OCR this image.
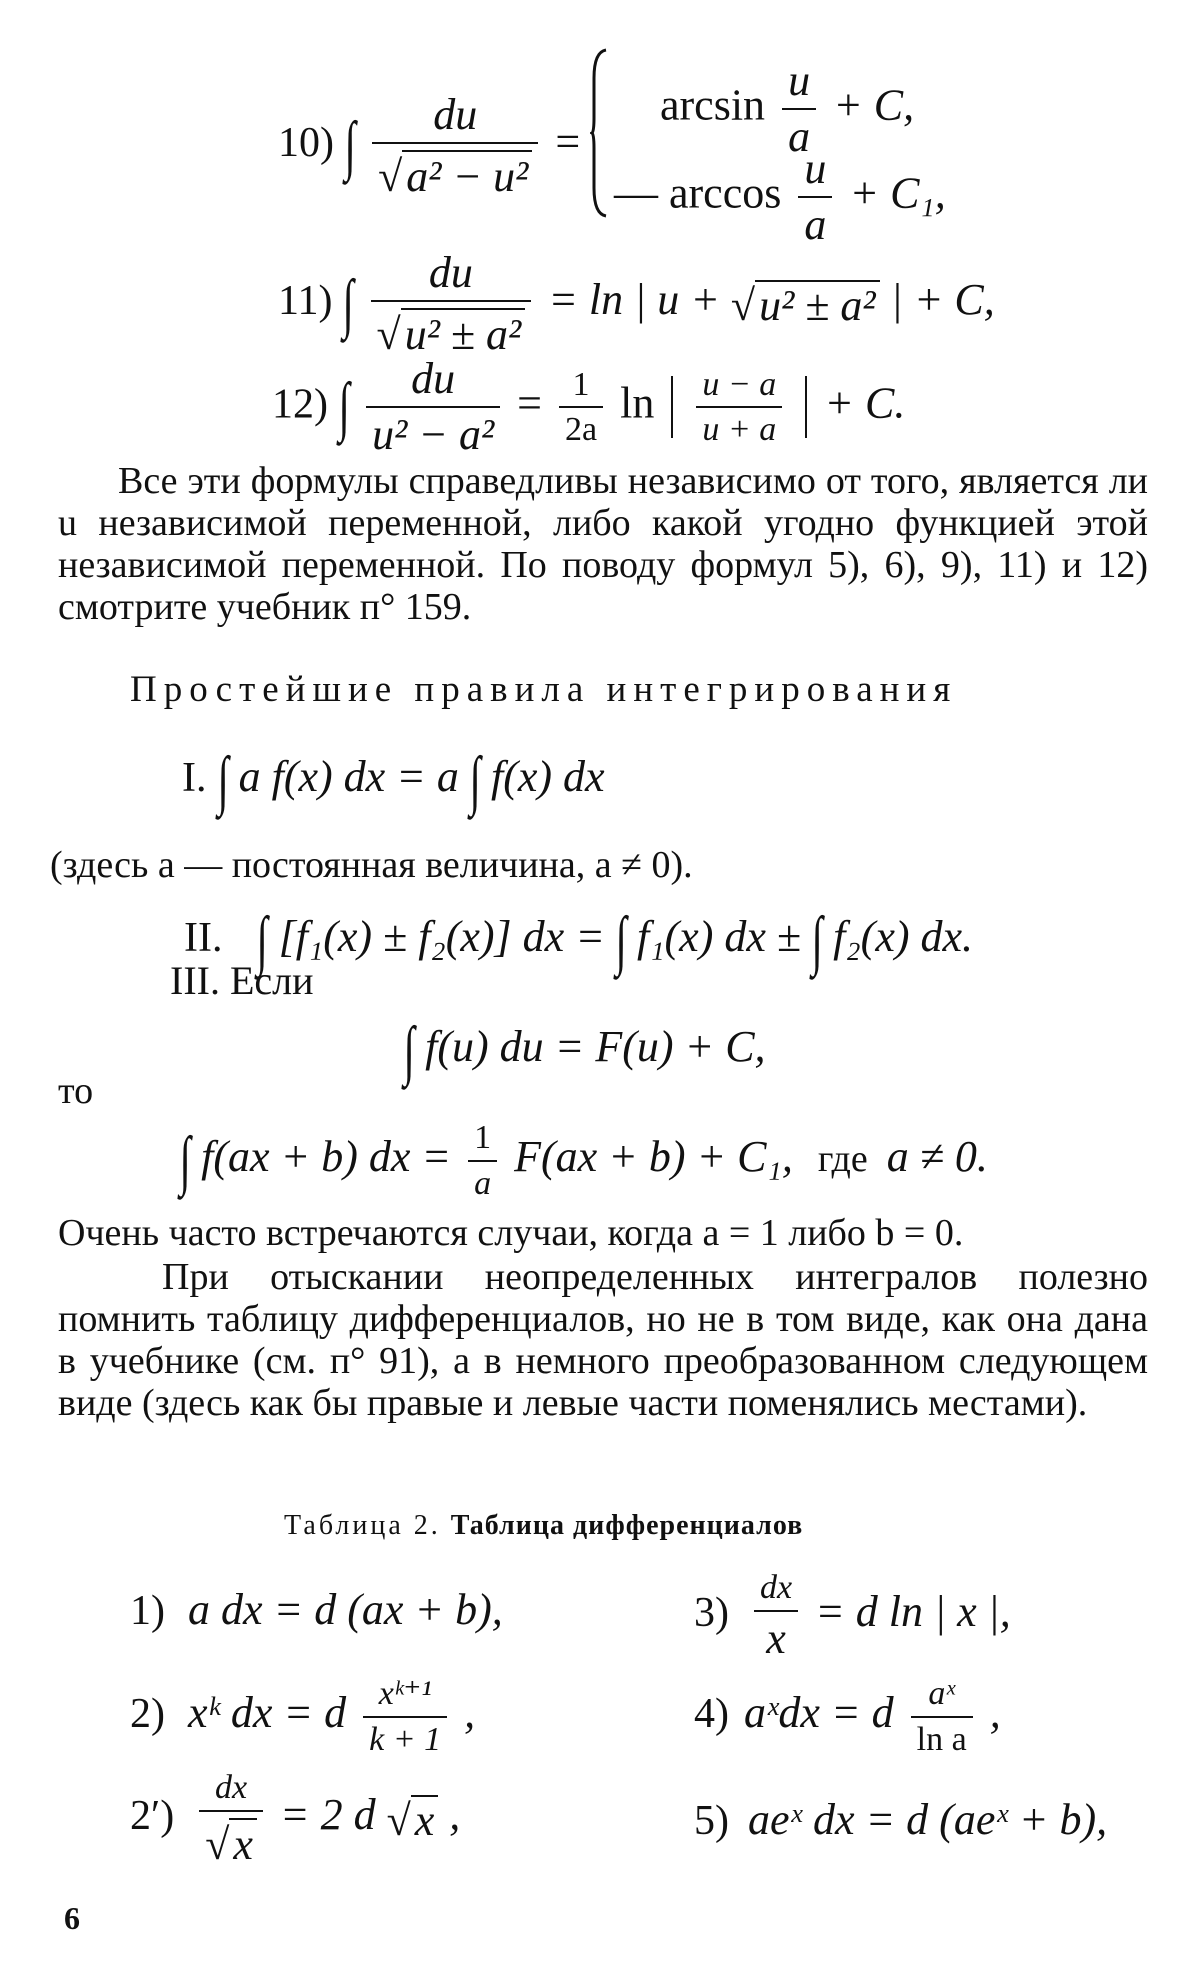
10) ∫ $\frac{du}{\text{√a² − u²}}$ =
$\arcsin \frac{u}{a} + C$,
— $\arccos \frac{u}{a} + C_1$,
11) ∫ $\frac{du}{\text{√u² ± a²}} = \ln$ | u + √u² ± a² | + C,
12) ∫ $\frac{du}{\text{u² − a²}} = \frac{1}{2a}$ $\ln \frac{u - a}{u + a} + C$.
Все эти формулы справедливы независимо от того, является ли u независимой переменной, либо какой угодно функцией этой независимой переменной. По поводу формул 5), 6), 9), 11) и 12) смотрите учебник п° 159.
Простейшие правила интегрирования
I. ∫ a f(x) dx = a ∫ f(x) dx
(здесь a — постоянная величина, a ≠ 0).
II. ∫ [f₁(x) ± f₂(x)] dx = ∫ f₁(x) dx ± ∫ f₂(x) dx.
III. Если
∫ f(u) du = F(u) + C,
то
∫ f(ax + b) dx = $\frac{1}{a} F(ax + b) + C_1$, где a ≠ 0.
Очень часто встречаются случаи, когда a = 1 либо b = 0.
При отыскании неопределенных интегралов полезно помнить таблицу дифференциалов, но не в том виде, как она дана в учебнике (см. п° 91), а в немного преобразованном следующем виде (здесь как бы правые и левые части поменялись местами).
Таблица 2. Таблица дифференциалов
1) a dx = d (ax + b),	$3) \frac{dx}{x} = d$ ln | x |,
2) xᵏ dx = d $\frac{\text{xᵏ⁺¹}}{k + 1}$ ,	4) aˣdx = d $\frac{\text{aˣ}}{\text{ln a}}$ ,
$2') \frac{dx}{√x} = 2$ d √x ,	5) aeˣ dx = d (aeˣ + b),
6
